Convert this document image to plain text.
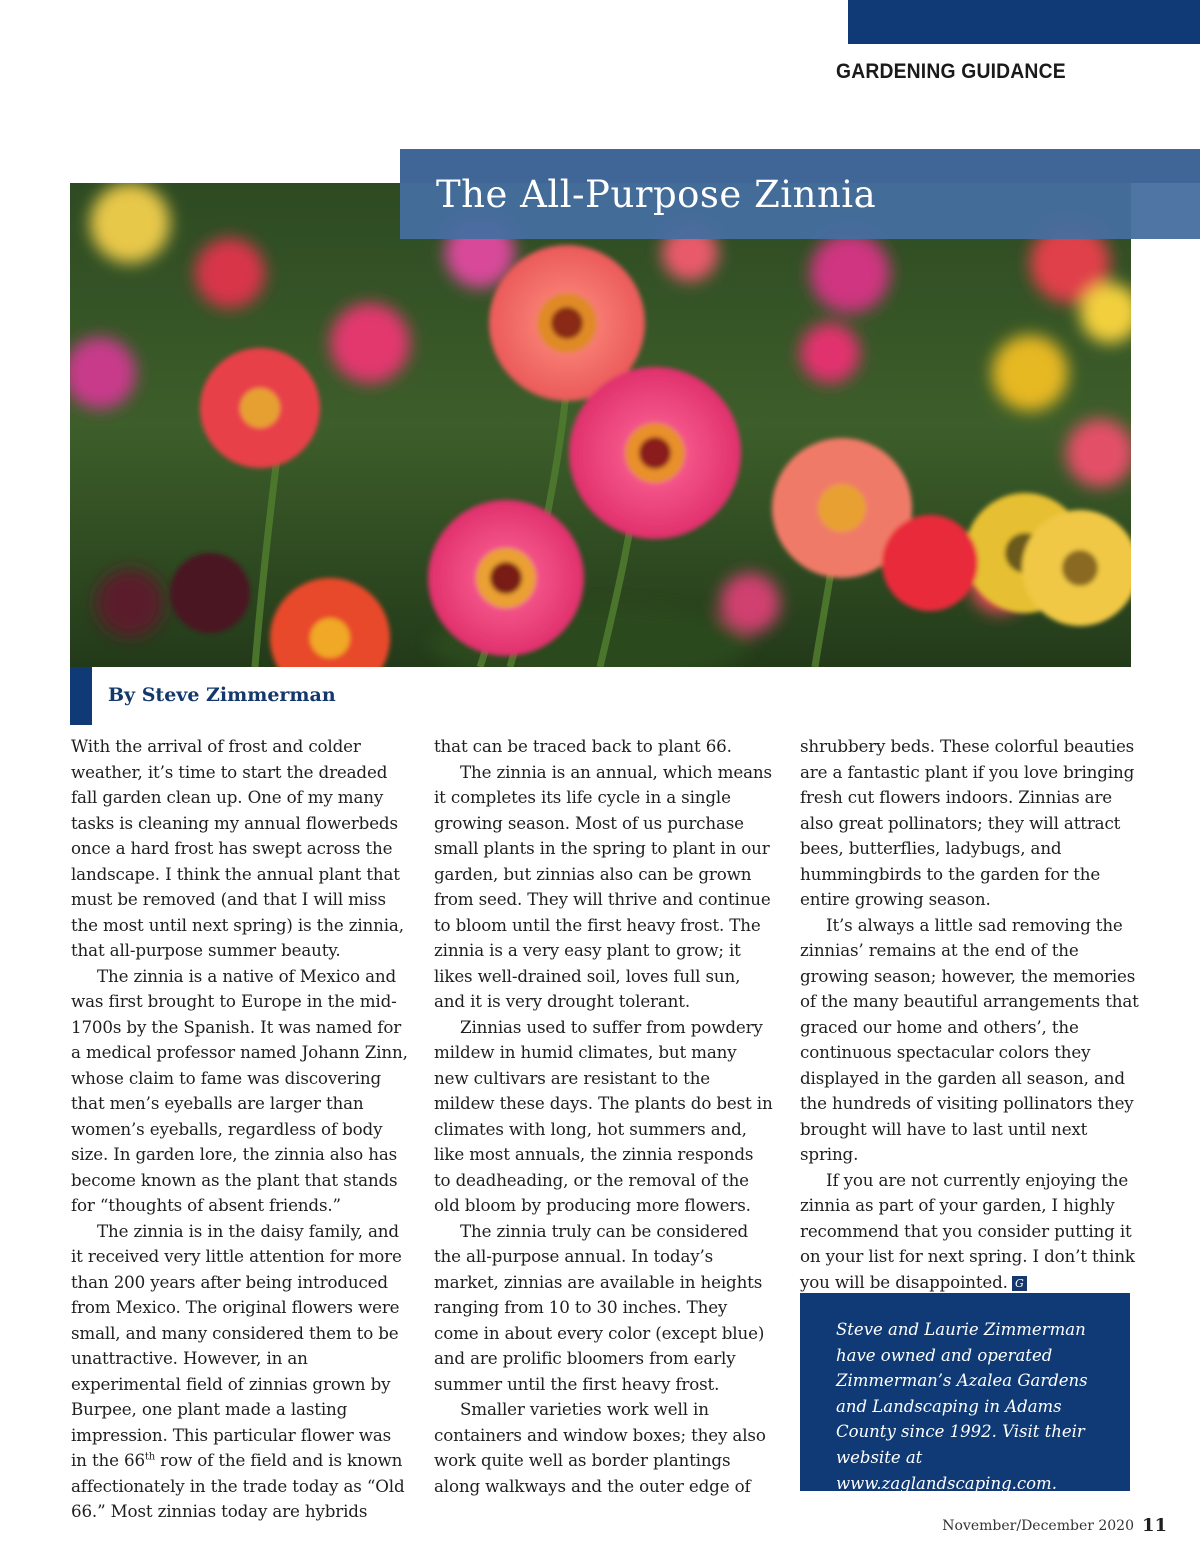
GARDENING GUIDANCE
The All-Purpose Zinnia
By Steve Zimmerman

With the arrival of frost and colder weather, it’s time to start the dreaded fall garden clean up. One of my many tasks is cleaning my annual flowerbeds once a hard frost has swept across the landscape. I think the annual plant that must be removed (and that I will miss the most until next spring) is the zinnia, that all-purpose summer beauty.

The zinnia is a native of Mexico and was first brought to Europe in the mid-1700s by the Spanish. It was named for a medical professor named Johann Zinn, whose claim to fame was discovering that men’s eyeballs are larger than women’s eyeballs, regardless of body size. In garden lore, the zinnia also has become known as the plant that stands for “thoughts of absent friends.”

The zinnia is in the daisy family, and it received very little attention for more than 200 years after being introduced from Mexico. The original flowers were small, and many considered them to be unattractive. However, in an experimental field of zinnias grown by Burpee, one plant made a lasting impression. This particular flower was in the 66th row of the field and is known affectionately in the trade today as “Old 66.” Most zinnias today are hybrids

that can be traced back to plant 66.

The zinnia is an annual, which means it completes its life cycle in a single growing season. Most of us purchase small plants in the spring to plant in our garden, but zinnias also can be grown from seed. They will thrive and continue to bloom until the first heavy frost. The zinnia is a very easy plant to grow; it likes well-drained soil, loves full sun, and it is very drought tolerant.

Zinnias used to suffer from powdery mildew in humid climates, but many new cultivars are resistant to the mildew these days. The plants do best in climates with long, hot summers and, like most annuals, the zinnia responds to deadheading, or the removal of the old bloom by producing more flowers.

The zinnia truly can be considered the all-purpose annual. In today’s market, zinnias are available in heights ranging from 10 to 30 inches. They come in about every color (except blue) and are prolific bloomers from early summer until the first heavy frost.

Smaller varieties work well in containers and window boxes; they also work quite well as border plantings along walkways and the outer edge of

shrubbery beds. These colorful beauties are a fantastic plant if you love bringing fresh cut flowers indoors. Zinnias are also great pollinators; they will attract bees, butterflies, ladybugs, and hummingbirds to the garden for the entire growing season.

It’s always a little sad removing the zinnias’ remains at the end of the growing season; however, the memories of the many beautiful arrangements that graced our home and others’, the continuous spectacular colors they displayed in the garden all season, and the hundreds of visiting pollinators they brought will have to last until next spring.

If you are not currently enjoying the zinnia as part of your garden, I highly recommend that you consider putting it on your list for next spring. I don’t think you will be disappointed. G

Steve and Laurie Zimmerman have owned and operated Zimmerman’s Azalea Gardens and Landscaping in Adams County since 1992. Visit their website at www.zaglandscaping.com.
November/December 2020 11
